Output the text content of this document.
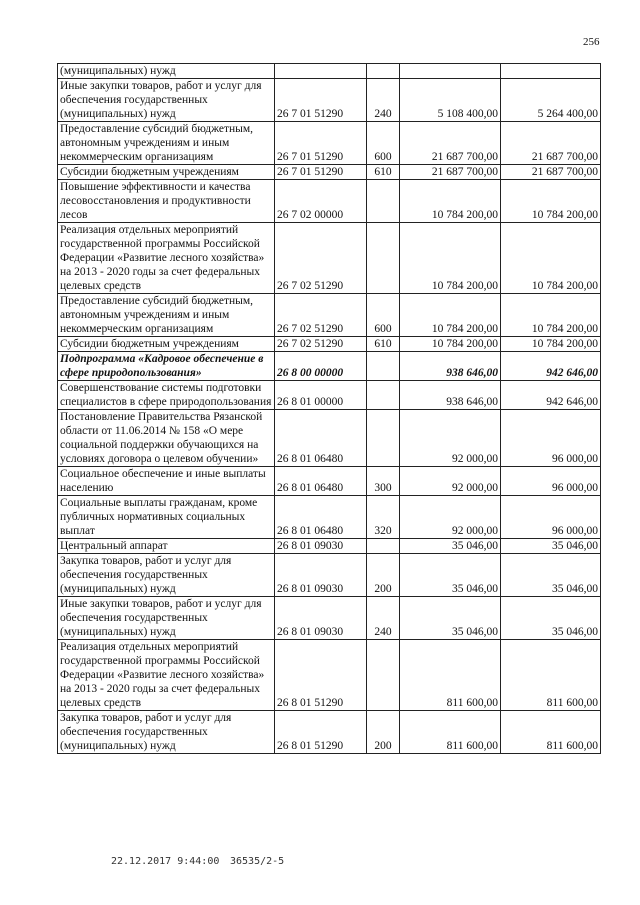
256
(муниципальных) нужд				
Иные закупки товаров, работ и услуг для обеспечения государственных (муниципальных) нужд	26 7 01 51290	240	5 108 400,00	5 264 400,00
Предоставление субсидий бюджетным, автономным учреждениям и иным некоммерческим организациям	26 7 01 51290	600	21 687 700,00	21 687 700,00
Субсидии бюджетным учреждениям	26 7 01 51290	610	21 687 700,00	21 687 700,00
Повышение эффективности и качества лесовосстановления и продуктивности лесов	26 7 02 00000		10 784 200,00	10 784 200,00
Реализация отдельных мероприятий государственной программы Российской Федерации «Развитие лесного хозяйства» на 2013 - 2020 годы за счет федеральных целевых средств	26 7 02 51290		10 784 200,00	10 784 200,00
Предоставление субсидий бюджетным, автономным учреждениям и иным некоммерческим организациям	26 7 02 51290	600	10 784 200,00	10 784 200,00
Субсидии бюджетным учреждениям	26 7 02 51290	610	10 784 200,00	10 784 200,00
Подпрограмма «Кадровое обеспечение в сфере природопользования»	26 8 00 00000		938 646,00	942 646,00
Совершенствование системы подготовки специалистов в сфере природопользования	26 8 01 00000		938 646,00	942 646,00
Постановление Правительства Рязанской области от 11.06.2014 № 158 «О мере социальной поддержки обучающихся на условиях договора о целевом обучении»	26 8 01 06480		92 000,00	96 000,00
Социальное обеспечение и иные выплаты населению	26 8 01 06480	300	92 000,00	96 000,00
Социальные выплаты гражданам, кроме публичных нормативных социальных выплат	26 8 01 06480	320	92 000,00	96 000,00
Центральный аппарат	26 8 01 09030		35 046,00	35 046,00
Закупка товаров, работ и услуг для обеспечения государственных (муниципальных) нужд	26 8 01 09030	200	35 046,00	35 046,00
Иные закупки товаров, работ и услуг для обеспечения государственных (муниципальных) нужд	26 8 01 09030	240	35 046,00	35 046,00
Реализация отдельных мероприятий государственной программы Российской Федерации «Развитие лесного хозяйства» на 2013 - 2020 годы за счет федеральных целевых средств	26 8 01 51290		811 600,00	811 600,00
Закупка товаров, работ и услуг для обеспечения государственных (муниципальных) нужд	26 8 01 51290	200	811 600,00	811 600,00
22.12.2017 9:44:00 36535/2-5
